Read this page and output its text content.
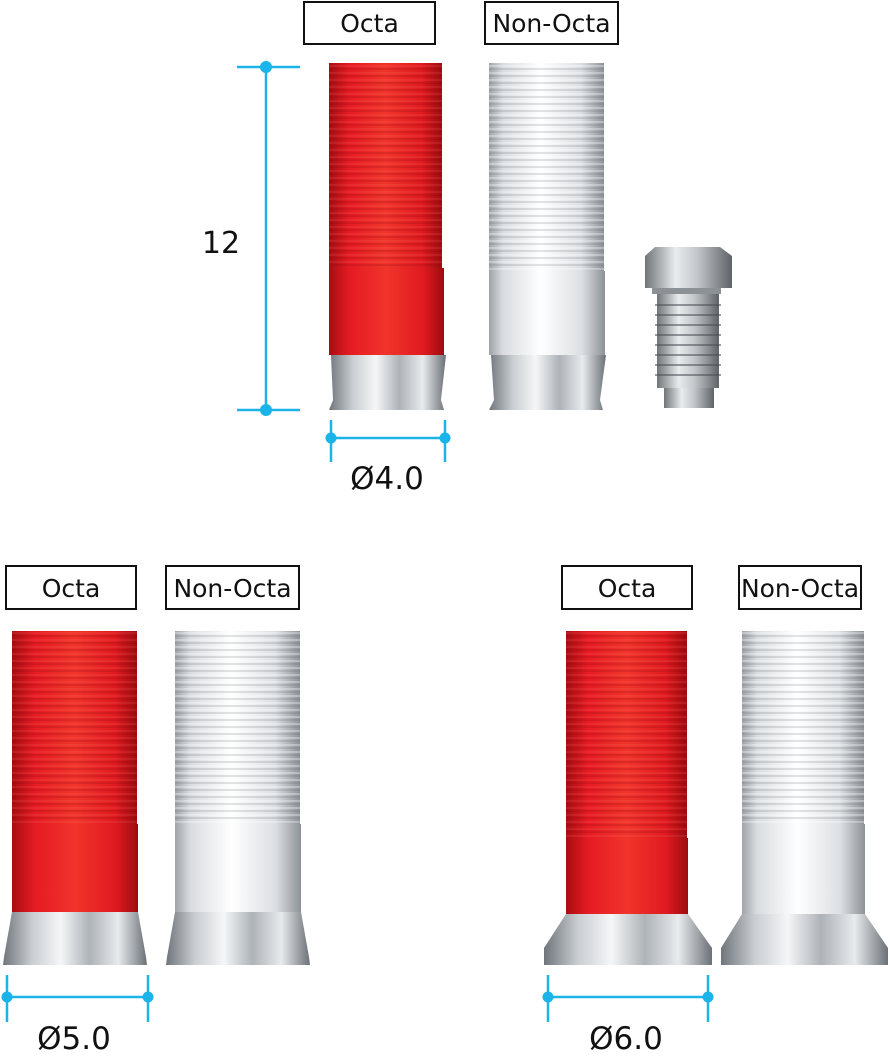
Octa	Non-Octa
12
Ø4.0
Octa	Non-Octa
Ø5.0
Octa	Non-Octa
Ø6.0
